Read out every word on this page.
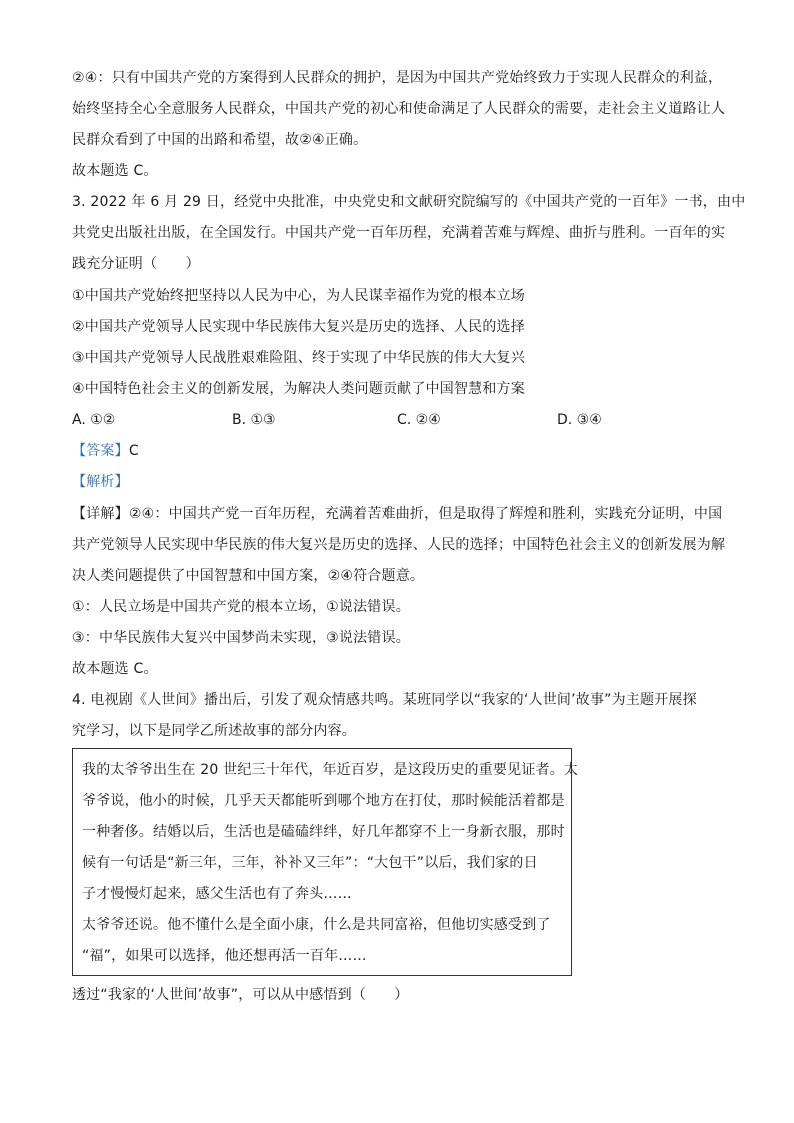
②④：只有中国共产党的方案得到人民群众的拥护，是因为中国共产党始终致力于实现人民群众的利益，
始终坚持全心全意服务人民群众，中国共产党的初心和使命满足了人民群众的需要，走社会主义道路让人
民群众看到了中国的出路和希望，故②④正确。
故本题选 C。
3. 2022 年 6 月 29 日，经党中央批准，中央党史和文献研究院编写的《中国共产党的一百年》一书，由中
共党史出版社出版，在全国发行。中国共产党一百年历程，充满着苦难与辉煌、曲折与胜利。一百年的实
践充分证明（　　）
①中国共产党始终把坚持以人民为中心，为人民谋幸福作为党的根本立场
②中国共产党领导人民实现中华民族伟大复兴是历史的选择、人民的选择
③中国共产党领导人民战胜艰难险阻、终于实现了中华民族的伟大大复兴
④中国特色社会主义的创新发展，为解决人类问题贡献了中国智慧和方案
A. ①②	B. ①③	C. ②④	D. ③④
【答案】C
【解析】
【详解】②④：中国共产党一百年历程，充满着苦难曲折，但是取得了辉煌和胜利，实践充分证明，中国
共产党领导人民实现中华民族的伟大复兴是历史的选择、人民的选择；中国特色社会主义的创新发展为解
决人类问题提供了中国智慧和中国方案，②④符合题意。
①：人民立场是中国共产党的根本立场，①说法错误。
③：中华民族伟大复兴中国梦尚未实现，③说法错误。
故本题选 C。
4. 电视剧《人世间》播出后，引发了观众情感共鸣。某班同学以“我家的‘人世间’故事”为主题开展探
究学习，以下是同学乙所述故事的部分内容。
我的太爷爷出生在 20 世纪三十年代，年近百岁，是这段历史的重要见证者。太
爷爷说，他小的时候，几乎天天都能听到哪个地方在打仗，那时候能活着都是
一种奢侈。结婚以后，生活也是磕磕绊绊，好几年都穿不上一身新衣服，那时
候有一句话是“新三年，三年，补补又三年”：“大包干”以后，我们家的日
子才慢慢灯起来，感父生活也有了奔头……
太爷爷还说。他不懂什么是全面小康，什么是共同富裕，但他切实感受到了
“福”，如果可以选择，他还想再活一百年……
透过“我家的‘人世间’故事”，可以从中感悟到（　　）
